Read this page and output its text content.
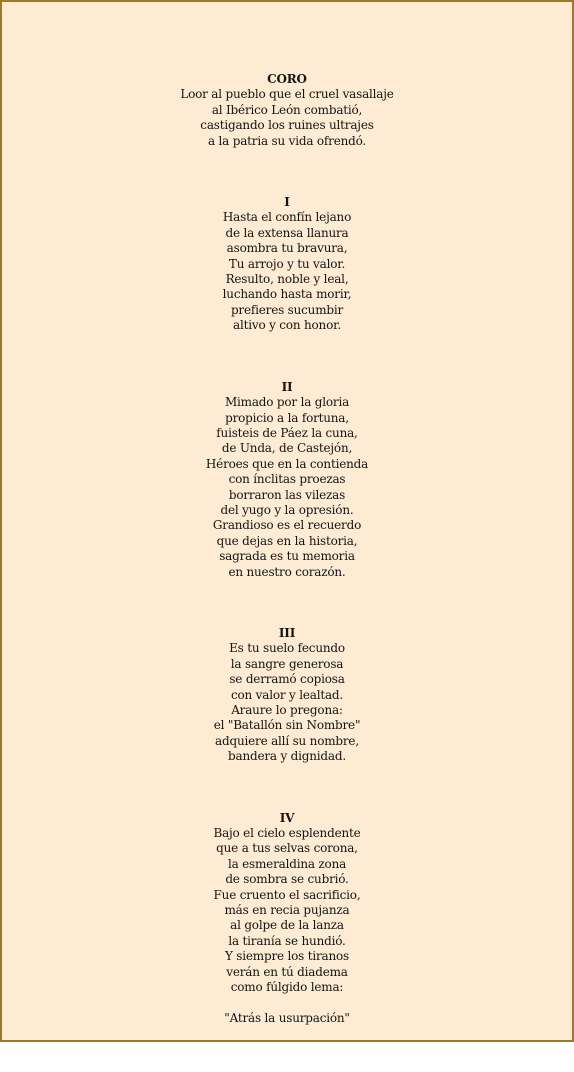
CORO
Loor al pueblo que el cruel vasallaje
al Ibérico León combatió,
castigando los ruines ultrajes
a la patria su vida ofrendó.
I
Hasta el confín lejano
de la extensa llanura
asombra tu bravura,
Tu arrojo y tu valor.
Resulto, noble y leal,
luchando hasta morir,
prefieres sucumbir
altivo y con honor.
II
Mimado por la gloria
propicio a la fortuna,
fuisteis de Páez la cuna,
de Unda, de Castejón,
Héroes que en la contienda
con ínclitas proezas
borraron las vilezas
del yugo y la opresión.
Grandioso es el recuerdo
que dejas en la historia,
sagrada es tu memoria
en nuestro corazón.
III
Es tu suelo fecundo
la sangre generosa
se derramó copiosa
con valor y lealtad.
Araure lo pregona:
el "Batallón sin Nombre"
adquiere allí su nombre,
bandera y dignidad.
IV
Bajo el cielo esplendente
que a tus selvas corona,
la esmeraldina zona
de sombra se cubrió.
Fue cruento el sacrificio,
más en recia pujanza
al golpe de la lanza
la tiranía se hundió.
Y siempre los tiranos
verán en tú diadema
como fúlgido lema:
"Atrás la usurpación"
